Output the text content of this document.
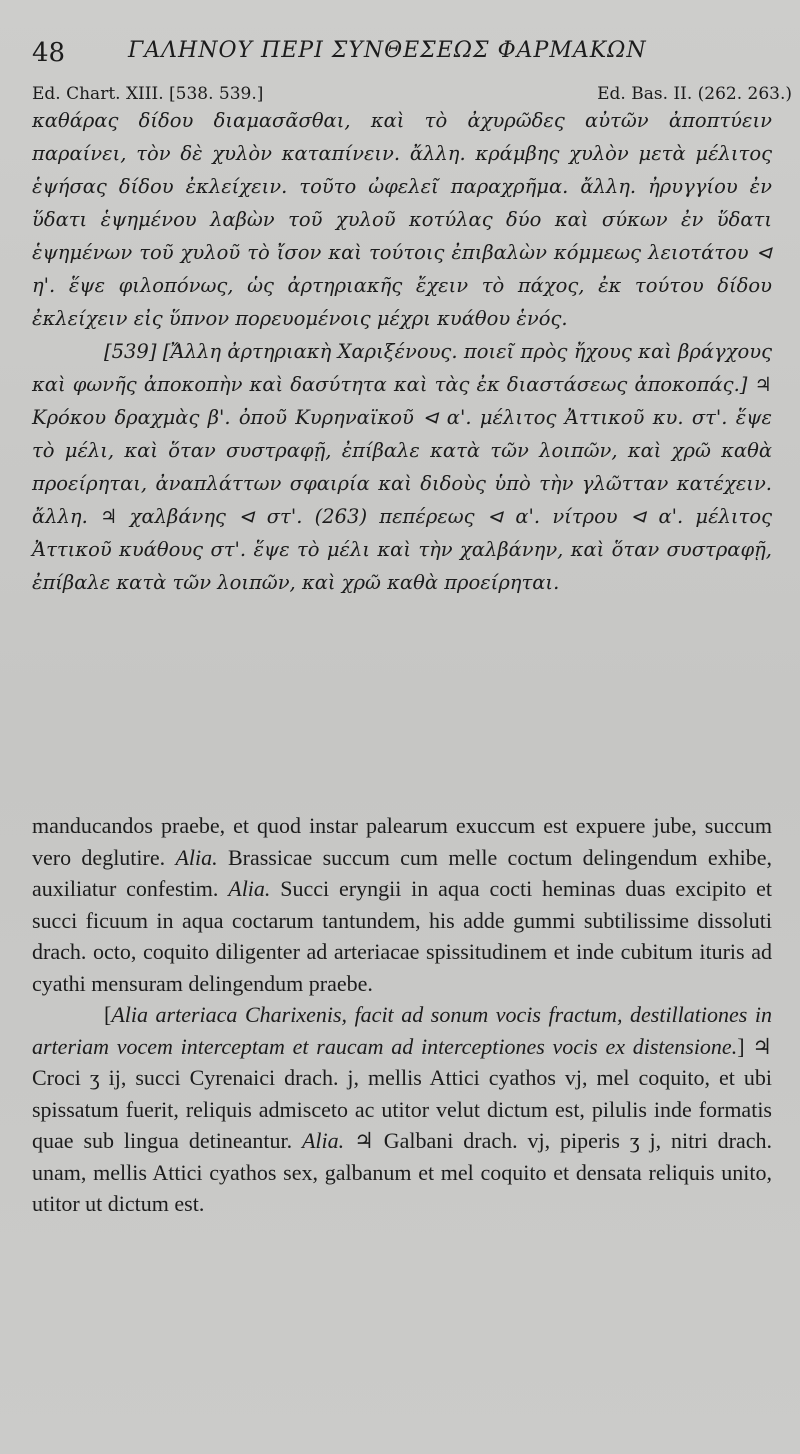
48	ΓΑΛΗΝΟΥ ΠΕΡΙ ΣΥΝΘΕΣΕΩΣ ΦΑΡΜΑΚΩΝ
Ed. Chart. XIII. [538. 539.]	Ed. Bas. II. (262. 263.)

καθάρας δίδου διαμασᾶσθαι, καὶ τὸ ἀχυρῶδες αὐτῶν ἀποπτύειν παραίνει, τὸν δὲ χυλὸν καταπίνειν. ἄλλη. κράμβης χυλὸν μετὰ μέλιτος ἑψήσας δίδου ἐκλείχειν. τοῦτο ὠφελεῖ παραχρῆμα. ἄλλη. ἠρυγγίου ἐν ὕδατι ἑψημένου λαβὼν τοῦ χυλοῦ κοτύλας δύο καὶ σύκων ἐν ὕδατι ἑψημένων τοῦ χυλοῦ τὸ ἴσον καὶ τούτοις ἐπιβαλὼν κόμμεως λειοτάτου ⊲ η'. ἕψε φιλοπόνως, ὡς ἀρτηριακῆς ἔχειν τὸ πάχος, ἐκ τούτου δίδου ἐκλείχειν εἰς ὕπνον πορευομένοις μέχρι κυάθου ἑνός.

[539] [Ἄλλη ἀρτηριακὴ Χαριξένους. ποιεῖ πρὸς ἤχους καὶ βράγχους καὶ φωνῆς ἀποκοπὴν καὶ δασύτητα καὶ τὰς ἐκ διαστάσεως ἀποκοπάς.] ♃ Κρόκου δραχμὰς β'. ὀποῦ Κυρηναϊκοῦ ⊲ α'. μέλιτος Ἀττικοῦ κυ. στ'. ἕψε τὸ μέλι, καὶ ὅταν συστραφῇ, ἐπίβαλε κατὰ τῶν λοιπῶν, καὶ χρῶ καθὰ προείρηται, ἀναπλάττων σφαιρία καὶ διδοὺς ὑπὸ τὴν γλῶτταν κατέχειν. ἄλλη. ♃ χαλβάνης ⊲ στ'. (263) πεπέρεως ⊲ α'. νίτρου ⊲ α'. μέλιτος Ἀττικοῦ κυάθους στ'. ἕψε τὸ μέλι καὶ τὴν χαλβάνην, καὶ ὅταν συστραφῇ, ἐπίβαλε κατὰ τῶν λοιπῶν, καὶ χρῶ καθὰ προείρηται.

manducandos praebe, et quod instar palearum exuccum est expuere jube, succum vero deglutire. Alia. Brassicae succum cum melle coctum delingendum exhibe, auxiliatur confestim. Alia. Succi eryngii in aqua cocti heminas duas excipito et succi ficuum in aqua coctarum tantundem, his adde gummi subtilissime dissoluti drach. octo, coquito diligenter ad arteriacae spissitudinem et inde cubitum ituris ad cyathi mensuram delingendum praebe.

[Alia arteriaca Charixenis, facit ad sonum vocis fractum, destillationes in arteriam vocem interceptam et raucam ad interceptiones vocis ex distensione.] ♃ Croci ʒ ij, succi Cyrenaici drach. j, mellis Attici cyathos vj, mel coquito, et ubi spissatum fuerit, reliquis admisceto ac utitor velut dictum est, pilulis inde formatis quae sub lingua detineantur. Alia. ♃ Galbani drach. vj, piperis ʒ j, nitri drach. unam, mellis Attici cyathos sex, galbanum et mel coquito et densata reliquis unito, utitor ut dictum est.
